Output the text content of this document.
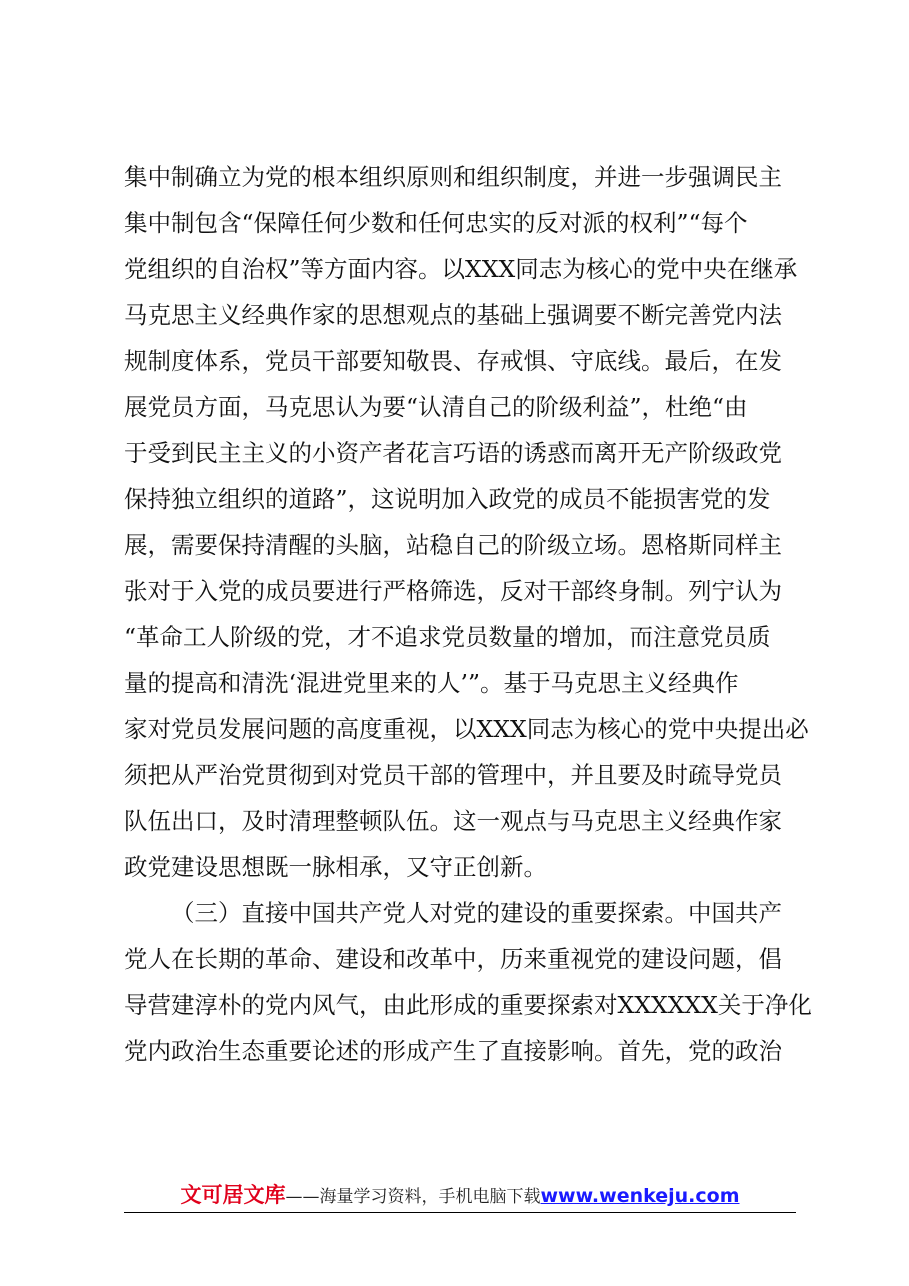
集中制确立为党的根本组织原则和组织制度，并进一步强调民主
集中制包含“保障任何少数和任何忠实的反对派的权利”“每个
党组织的自治权”等方面内容。以XXX同志为核心的党中央在继承
马克思主义经典作家的思想观点的基础上强调要不断完善党内法
规制度体系，党员干部要知敬畏、存戒惧、守底线。最后，在发
展党员方面，马克思认为要“认清自己的阶级利益”，杜绝“由
于受到民主主义的小资产者花言巧语的诱惑而离开无产阶级政党
保持独立组织的道路”，这说明加入政党的成员不能损害党的发
展，需要保持清醒的头脑，站稳自己的阶级立场。恩格斯同样主
张对于入党的成员要进行严格筛选，反对干部终身制。列宁认为
“革命工人阶级的党，才不追求党员数量的增加，而注意党员质
量的提高和清洗‘混进党里来的人’”。基于马克思主义经典作
家对党员发展问题的高度重视，以XXX同志为核心的党中央提出必
须把从严治党贯彻到对党员干部的管理中，并且要及时疏导党员
队伍出口，及时清理整顿队伍。这一观点与马克思主义经典作家
政党建设思想既一脉相承，又守正创新。
（三）直接中国共产党人对党的建设的重要探索。中国共产
党人在长期的革命、建设和改革中，历来重视党的建设问题，倡
导营建淳朴的党内风气，由此形成的重要探索对XXXXXX关于净化
党内政治生态重要论述的形成产生了直接影响。首先，党的政治
文可居文库——海量学习资料，手机电脑下载www.wenkeju.com
